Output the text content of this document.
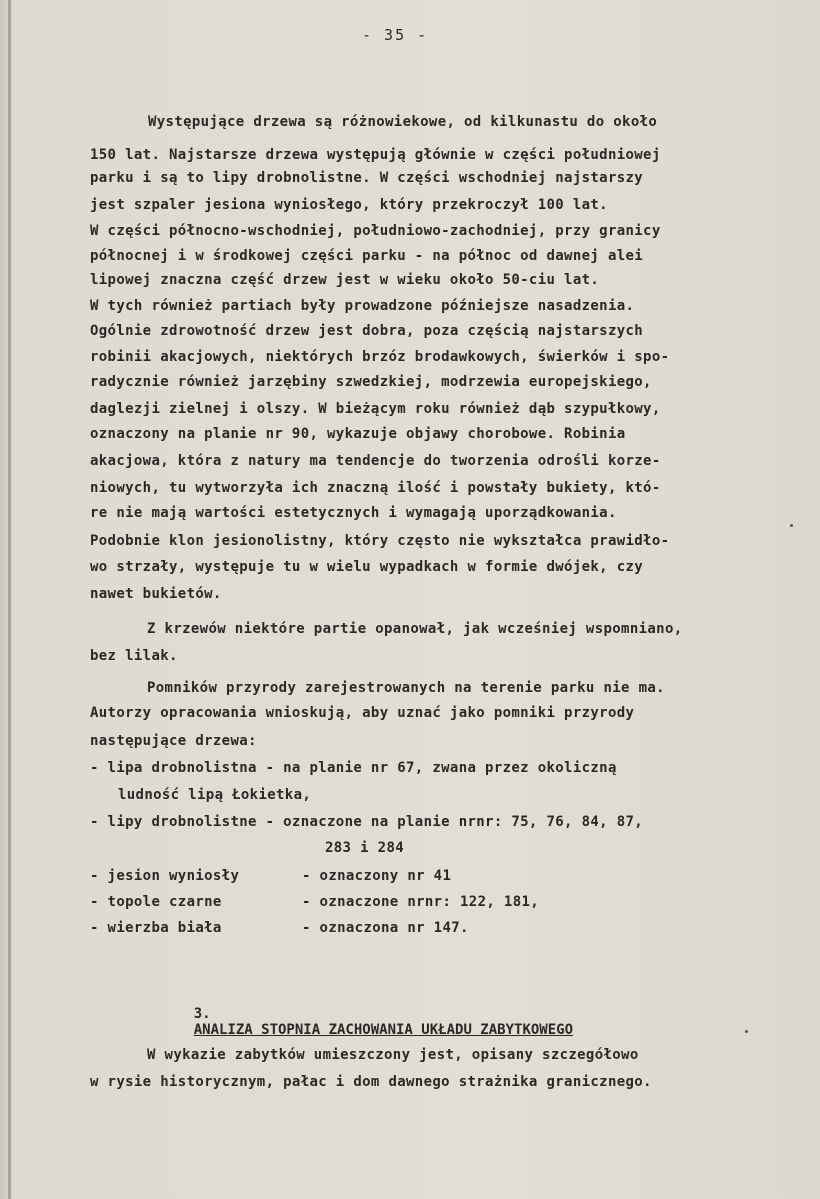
- 35 -
Występujące drzewa są różnowiekowe, od kilkunastu do około
150 lat. Najstarsze drzewa występują głównie w części południowej
parku i są to lipy drobnolistne. W części wschodniej najstarszy
jest szpaler jesiona wyniosłego, który przekroczył 100 lat.
W części północno-wschodniej, południowo-zachodniej, przy granicy
północnej i w środkowej części parku - na północ od dawnej alei
lipowej znaczna część drzew jest w wieku około 50-ciu lat.
W tych również partiach były prowadzone późniejsze nasadzenia.
Ogólnie zdrowotność drzew jest dobra, poza częścią najstarszych
robinii akacjowych, niektórych brzóz brodawkowych, świerków i spo-
radycznie również jarzębiny szwedzkiej, modrzewia europejskiego,
daglezji zielnej i olszy. W bieżącym roku również dąb szypułkowy,
oznaczony na planie nr 90, wykazuje objawy chorobowe. Robinia
akacjowa, która z natury ma tendencje do tworzenia odrośli korze-
niowych, tu wytworzyła ich znaczną ilość i powstały bukiety, któ-
re nie mają wartości estetycznych i wymagają uporządkowania.
Podobnie klon jesionolistny, który często nie wykształca prawidło-
wo strzały, występuje tu w wielu wypadkach w formie dwójek, czy
nawet bukietów.
Z krzewów niektóre partie opanował, jak wcześniej wspomniano,
bez lilak.
Pomników przyrody zarejestrowanych na terenie parku nie ma.
Autorzy opracowania wnioskują, aby uznać jako pomniki przyrody
następujące drzewa:
- lipa drobnolistna - na planie nr 67, zwana przez okoliczną
ludność lipą Łokietka,
- lipy drobnolistne - oznaczone na planie nrnr: 75, 76, 84, 87,
283 i 284
- jesion wyniosły	- oznaczony nr 41
- topole czarne	- oznaczone nrnr: 122, 181,
- wierzba biała	- oznaczona nr 147.

3.
ANALIZA STOPNIA ZACHOWANIA UKŁADU ZABYTKOWEGO

W wykazie zabytków umieszczony jest, opisany szczegółowo
w rysie historycznym, pałac i dom dawnego strażnika granicznego.
